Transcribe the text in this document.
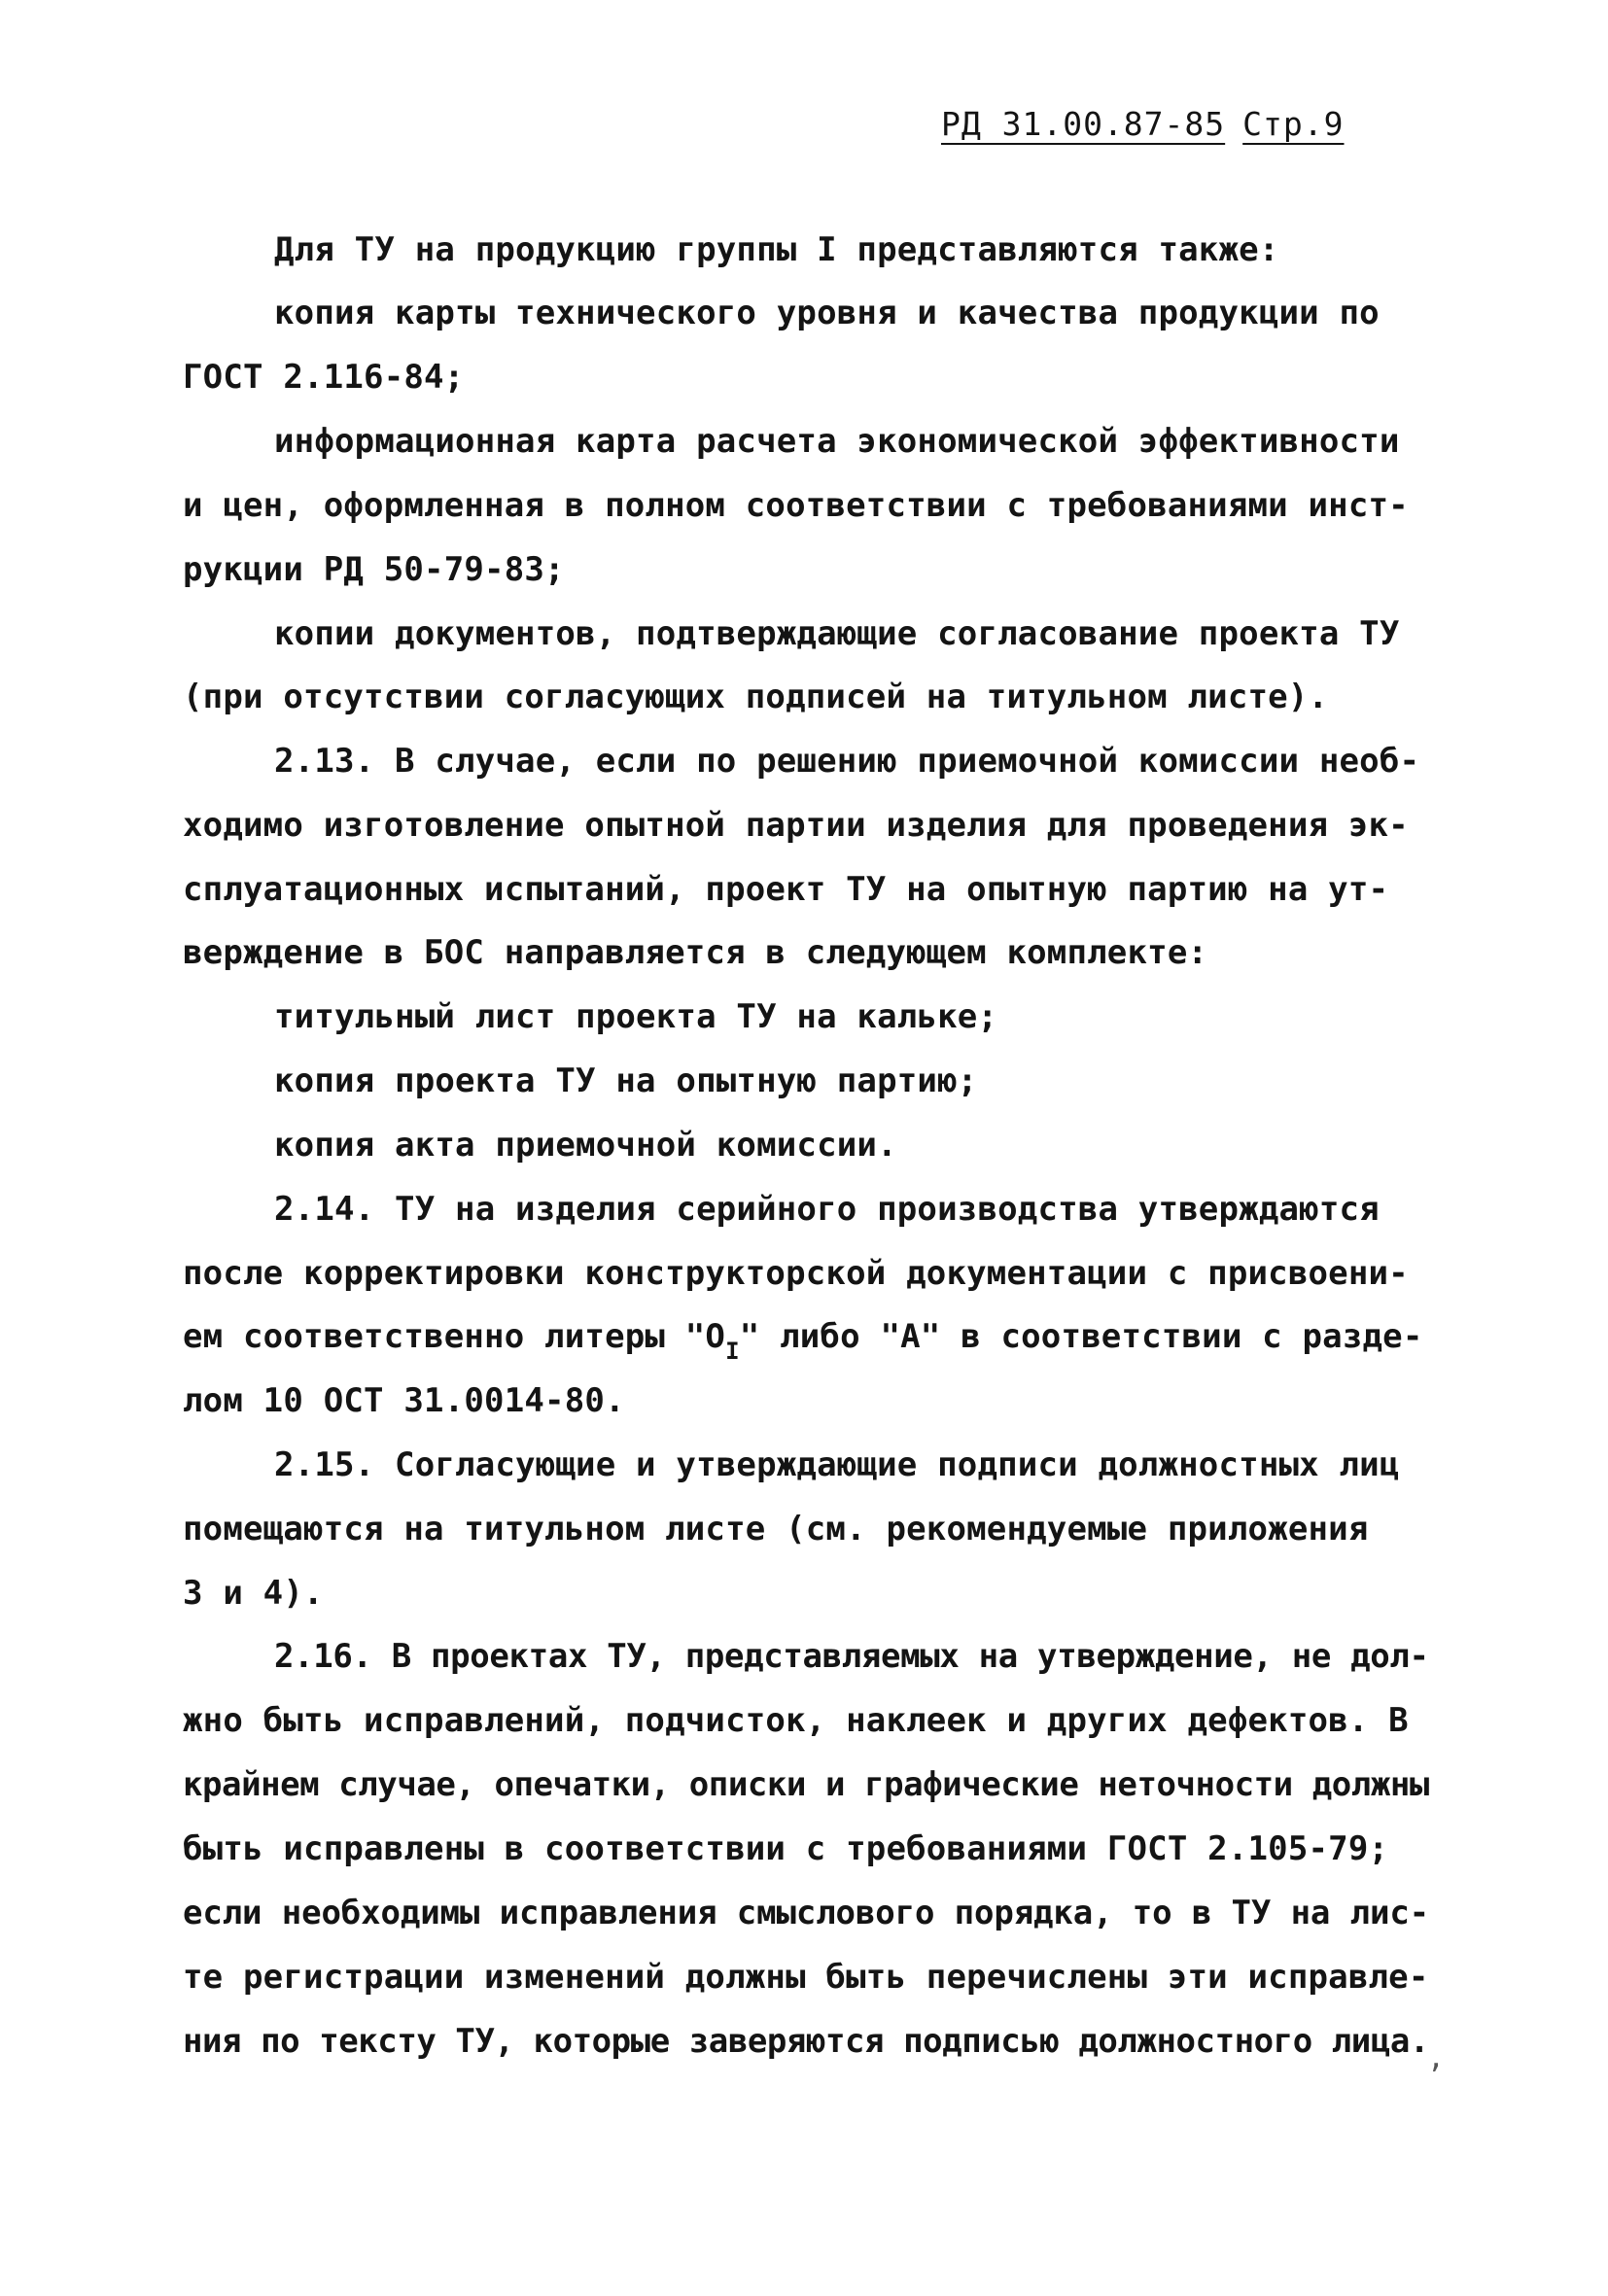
РД 31.00.87-85 Стр.9
Для ТУ на продукцию группы I представляются также:
копия карты технического уровня и качества продукции по
ГОСТ 2.116-84;
информационная карта расчета экономической эффективности
и цен, оформленная в полном соответствии с требованиями инст-
рукции РД 50-79-83;
копии документов, подтверждающие согласование проекта ТУ
(при отсутствии согласующих подписей на титульном листе).
2.13. В случае, если по решению приемочной комиссии необ-
ходимо изготовление опытной партии изделия для проведения эк-
сплуатационных испытаний, проект ТУ на опытную партию на ут-
верждение в БОС направляется в следующем комплекте:
титульный лист проекта ТУ на кальке;
копия проекта ТУ на опытную партию;
копия акта приемочной комиссии.
2.14. ТУ на изделия серийного производства утверждаются
после корректировки конструкторской документации с присвоени-
ем соответственно литеры "$О_I$" либо "А" в соответствии с разде-
лом 10 ОСТ 31.0014-80.
2.15. Согласующие и утверждающие подписи должностных лиц
помещаются на титульном листе (см. рекомендуемые приложения
3 и 4).
2.16. В проектах ТУ, представляемых на утверждение, не дол-
жно быть исправлений, подчисток, наклеек и других дефектов. В
крайнем случае, опечатки, описки и графические неточности должны
быть исправлены в соответствии с требованиями ГОСТ 2.105-79;
если необходимы исправления смыслового порядка, то в ТУ на лис-
те регистрации изменений должны быть перечислены эти исправле-
ния по тексту ТУ, которые заверяются подписью должностного лица.
,
